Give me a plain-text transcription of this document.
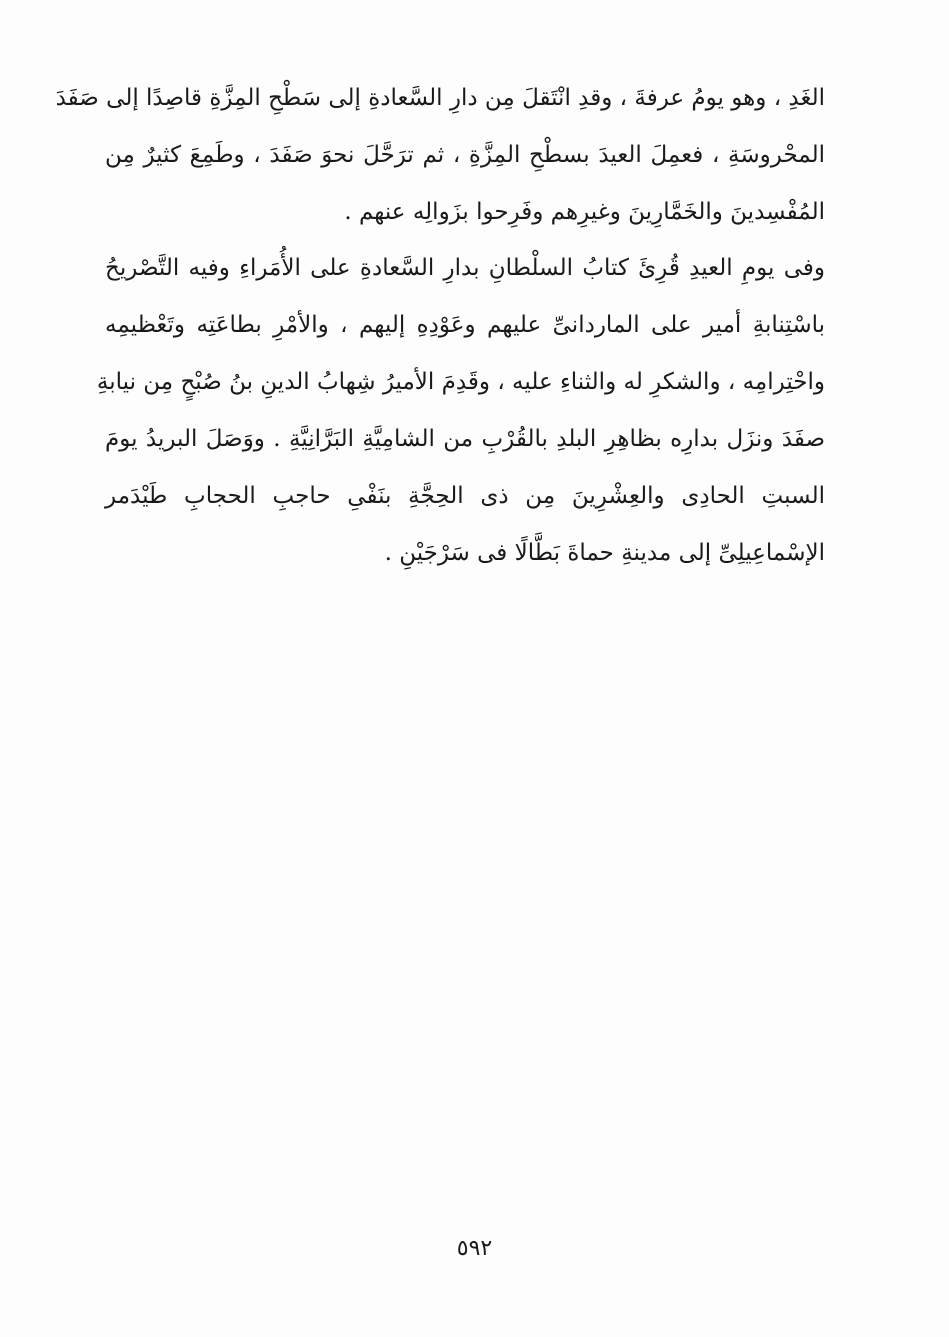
الغَدِ ، وهو يومُ عرفةَ ، وقدِ انْتَقلَ مِن دارِ السَّعادةِ إلى سَطْحِ المِزَّةِ قاصِدًا إلى صَفَدَ
المحْروسَةِ ، فعمِلَ العيدَ بسطْحِ المِزَّةِ ، ثم ترَحَّلَ نحوَ صَفَدَ ، وطَمِعَ كثيرٌ مِن
المُفْسِدينَ والخَمَّارِينَ وغيرِهم وفَرِحوا بزَوالِه عنهم .
وفى يومِ العيدِ قُرِئَ كتابُ السلْطانِ بدارِ السَّعادةِ على الأُمَراءِ وفيه التَّصْريحُ
باسْتِنابةِ أمير على الماردانىِّ عليهم وعَوْدِهِ إليهم ، والأمْرِ بطاعَتِه وتَعْظيمِه
واحْتِرامِه ، والشكرِ له والثناءِ عليه ، وقَدِمَ الأميرُ شِهابُ الدينِ بنُ صُبْحٍ مِن نيابةِ
صفَدَ ونزَل بدارِه بظاهِرِ البلدِ بالقُرْبِ من الشامِيَّةِ البَرَّانِيَّةِ . ووَصَلَ البريدُ يومَ
السبتِ الحادِى والعِشْرِينَ مِن ذى الحِجَّةِ بنَفْىِ حاجبِ الحجابِ طَيْدَمر
الإسْماعِيلِىِّ إلى مدينةِ حماةَ بَطَّالًا فى سَرْجَيْنِ .
٥٩٢
